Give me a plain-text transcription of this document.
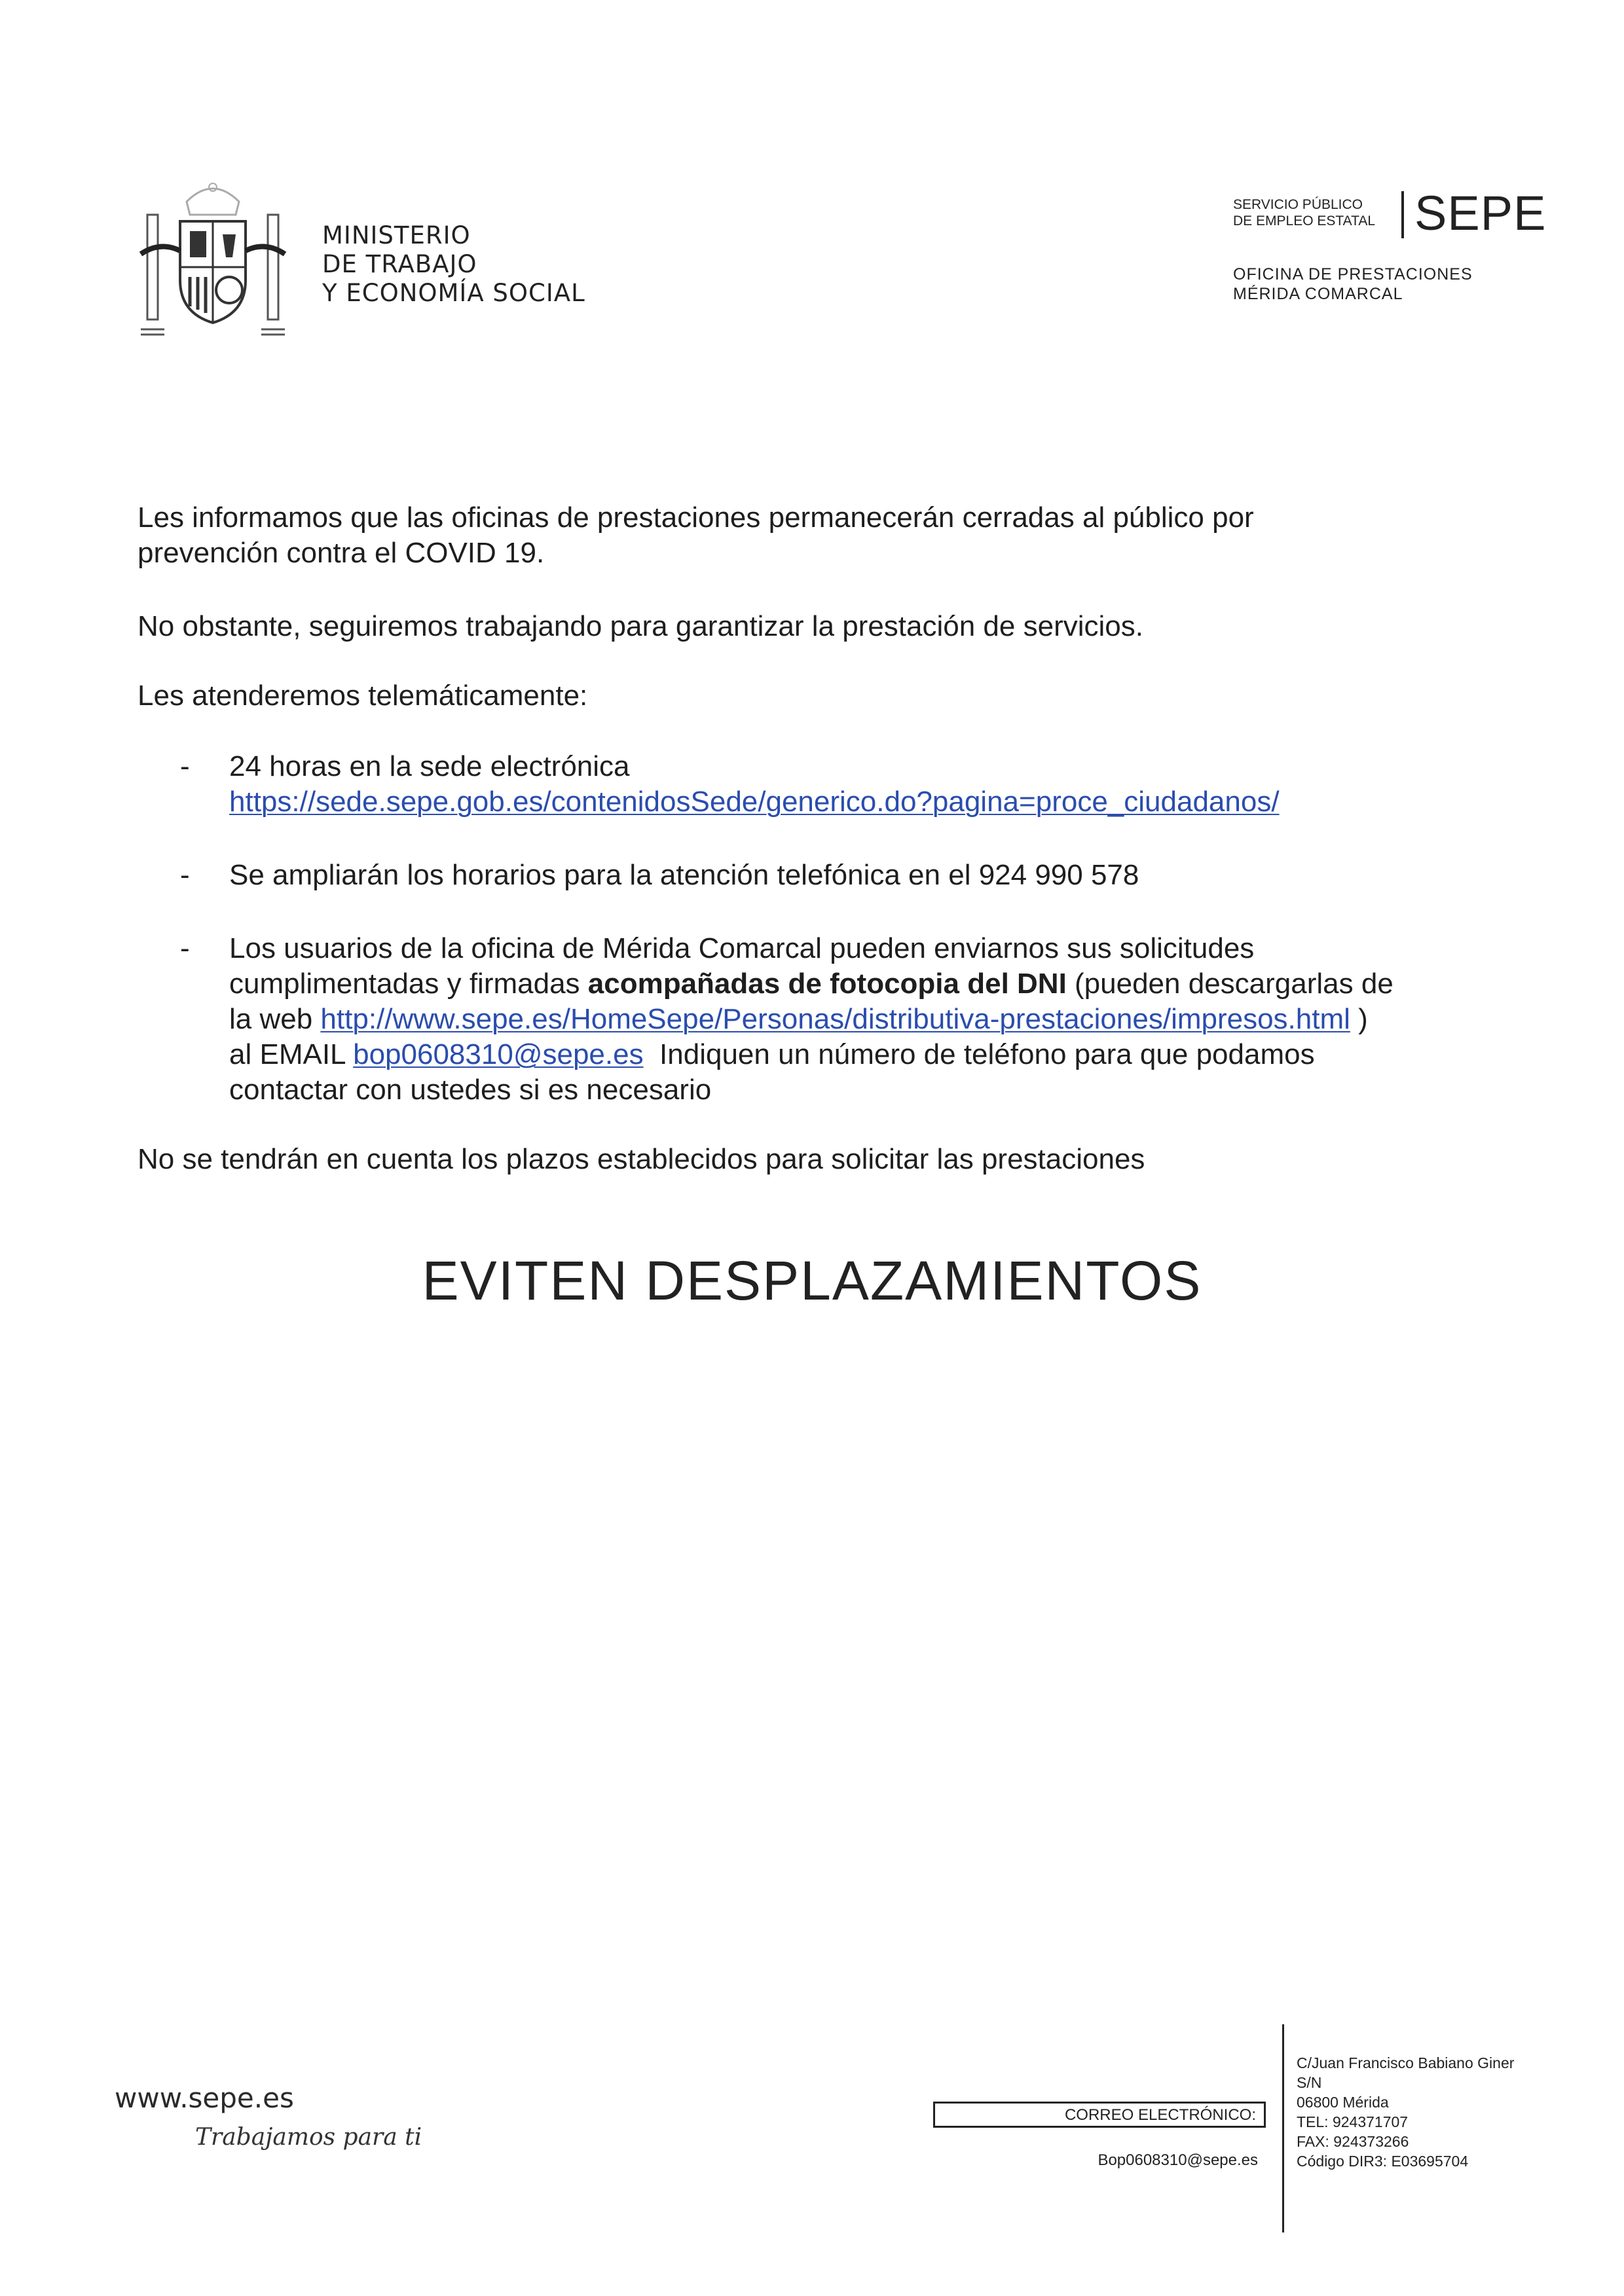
MINISTERIO
DE TRABAJO
Y ECONOMÍA SOCIAL
SERVICIO PÚBLICO
DE EMPLEO ESTATAL SEPE
OFICINA DE PRESTACIONES
MÉRIDA COMARCAL
Les informamos que las oficinas de prestaciones permanecerán cerradas al público por
prevención contra el COVID 19.
No obstante, seguiremos trabajando para garantizar la prestación de servicios.
Les atenderemos telemáticamente:
- 24 horas en la sede electrónica
https://sede.sepe.gob.es/contenidosSede/generico.do?pagina=proce_ciudadanos/
- Se ampliarán los horarios para la atención telefónica en el 924 990 578
- Los usuarios de la oficina de Mérida Comarcal pueden enviarnos sus solicitudes
cumplimentadas y firmadas acompañadas de fotocopia del DNI (pueden descargarlas de
la web http://www.sepe.es/HomeSepe/Personas/distributiva-prestaciones/impresos.html )
al EMAIL bop0608310@sepe.es  Indiquen un número de teléfono para que podamos
contactar con ustedes si es necesario
No se tendrán en cuenta los plazos establecidos para solicitar las prestaciones
EVITEN DESPLAZAMIENTOS
www.sepe.es
Trabajamos para ti
CORREO ELECTRÓNICO:
Bop0608310@sepe.es
C/Juan Francisco Babiano Giner
S/N
06800 Mérida
TEL: 924371707
FAX: 924373266
Código DIR3: E03695704
